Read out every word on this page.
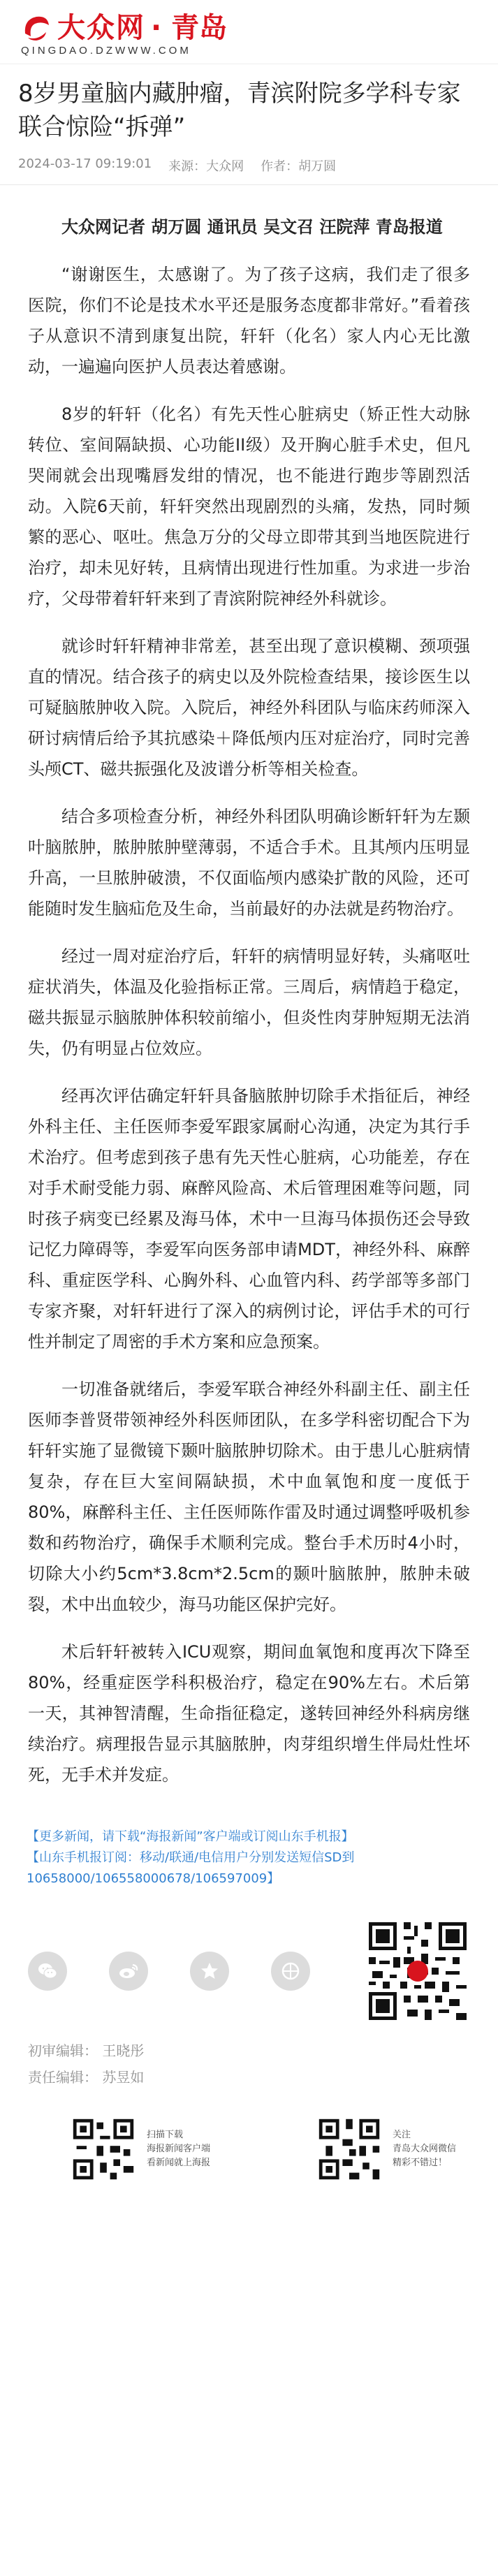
大众网 · 青岛
QINGDAO.DZWWW.COM
8岁男童脑内藏肿瘤，青滨附院多学科专家联合惊险“拆弹”
2024-03-17 09:19:01 来源：大众网 作者：胡万圆

大众网记者 胡万圆 通讯员 吴文召 汪院萍 青岛报道

“谢谢医生，太感谢了。为了孩子这病，我们走了很多医院，你们不论是技术水平还是服务态度都非常好。”看着孩子从意识不清到康复出院，轩轩（化名）家人内心无比激动，一遍遍向医护人员表达着感谢。

8岁的轩轩（化名）有先天性心脏病史（矫正性大动脉转位、室间隔缺损、心功能II级）及开胸心脏手术史，但凡哭闹就会出现嘴唇发绀的情况，也不能进行跑步等剧烈活动。入院6天前，轩轩突然出现剧烈的头痛，发热，同时频繁的恶心、呕吐。焦急万分的父母立即带其到当地医院进行治疗，却未见好转，且病情出现进行性加重。为求进一步治疗，父母带着轩轩来到了青滨附院神经外科就诊。

就诊时轩轩精神非常差，甚至出现了意识模糊、颈项强直的情况。结合孩子的病史以及外院检查结果，接诊医生以可疑脑脓肿收入院。入院后，神经外科团队与临床药师深入研讨病情后给予其抗感染＋降低颅内压对症治疗，同时完善头颅CT、磁共振强化及波谱分析等相关检查。

结合多项检查分析，神经外科团队明确诊断轩轩为左颞叶脑脓肿，脓肿脓肿壁薄弱，不适合手术。且其颅内压明显升高，一旦脓肿破溃，不仅面临颅内感染扩散的风险，还可能随时发生脑疝危及生命，当前最好的办法就是药物治疗。

经过一周对症治疗后，轩轩的病情明显好转，头痛呕吐症状消失，体温及化验指标正常。三周后，病情趋于稳定，磁共振显示脑脓肿体积较前缩小，但炎性肉芽肿短期无法消失，仍有明显占位效应。

经再次评估确定轩轩具备脑脓肿切除手术指征后，神经外科主任、主任医师李爱军跟家属耐心沟通，决定为其行手术治疗。但考虑到孩子患有先天性心脏病，心功能差，存在对手术耐受能力弱、麻醉风险高、术后管理困难等问题，同时孩子病变已经累及海马体，术中一旦海马体损伤还会导致记忆力障碍等，李爱军向医务部申请MDT，神经外科、麻醉科、重症医学科、心胸外科、心血管内科、药学部等多部门专家齐聚，对轩轩进行了深入的病例讨论，评估手术的可行性并制定了周密的手术方案和应急预案。

一切准备就绪后，李爱军联合神经外科副主任、副主任医师李普贤带领神经外科医师团队，在多学科密切配合下为轩轩实施了显微镜下颞叶脑脓肿切除术。由于患儿心脏病情复杂，存在巨大室间隔缺损，术中血氧饱和度一度低于80%，麻醉科主任、主任医师陈作雷及时通过调整呼吸机参数和药物治疗，确保手术顺利完成。整台手术历时4小时，切除大小约5cm*3.8cm*2.5cm的颞叶脑脓肿，脓肿未破裂，术中出血较少，海马功能区保护完好。

术后轩轩被转入ICU观察，期间血氧饱和度再次下降至80%，经重症医学科积极治疗，稳定在90%左右。术后第一天，其神智清醒，生命指征稳定，遂转回神经外科病房继续治疗。病理报告显示其脑脓肿，肉芽组织增生伴局灶性坏死，无手术并发症。

【更多新闻，请下载“海报新闻”客户端或订阅山东手机报】
【山东手机报订阅：移动/联通/电信用户分别发送短信SD到10658000/106558000678/106597009】
初审编辑： 王晓彤
责任编辑： 苏昱如
扫描下载
海报新闻客户端
看新闻就上海报
关注
青岛大众网微信
精彩不错过！
